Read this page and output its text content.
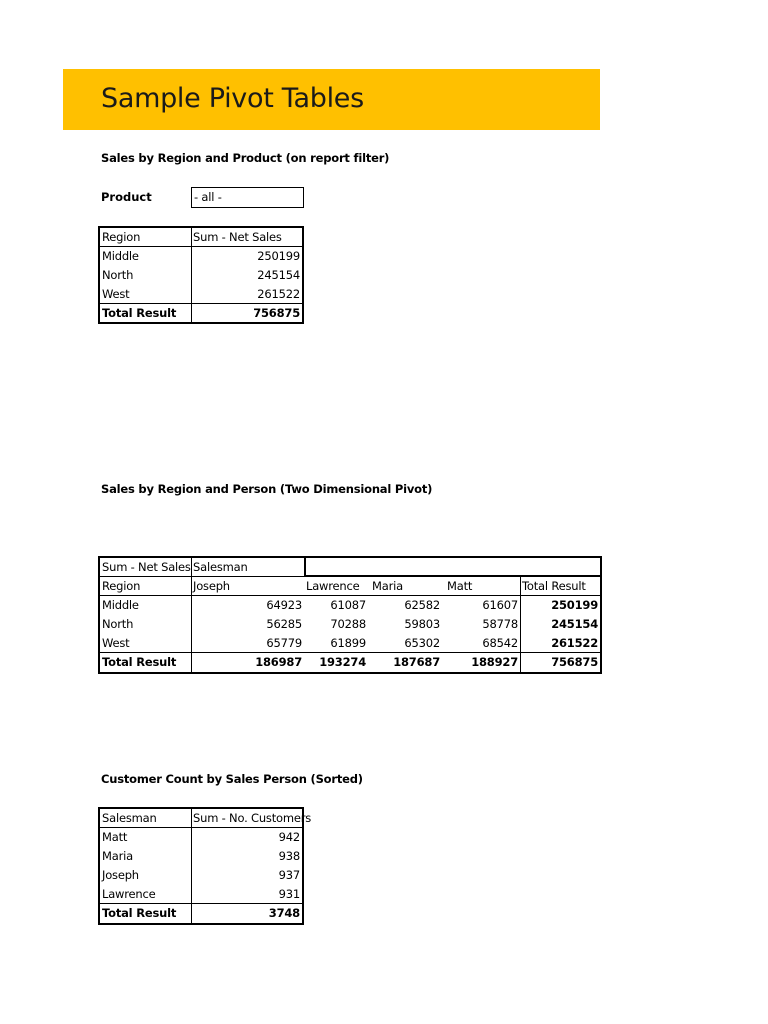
Sample Pivot Tables
Sales by Region and Product (on report filter)
Product	- all -
Region	Sum - Net Sales
Middle	250199
North	245154
West	261522
Total Result	756875
Sales by Region and Person (Two Dimensional Pivot)
Sum - Net Sales Salesman
Region	Joseph	Lawrence	Maria	Matt	Total Result
Middle	64923	61087	62582	61607	250199
North	56285	70288	59803	58778	245154
West	65779	61899	65302	68542	261522
Total Result	186987	193274	187687	188927	756875
Customer Count by Sales Person (Sorted)
Salesman	Sum - No. Customers
Matt	942
Maria	938
Joseph	937
Lawrence	931
Total Result	3748
